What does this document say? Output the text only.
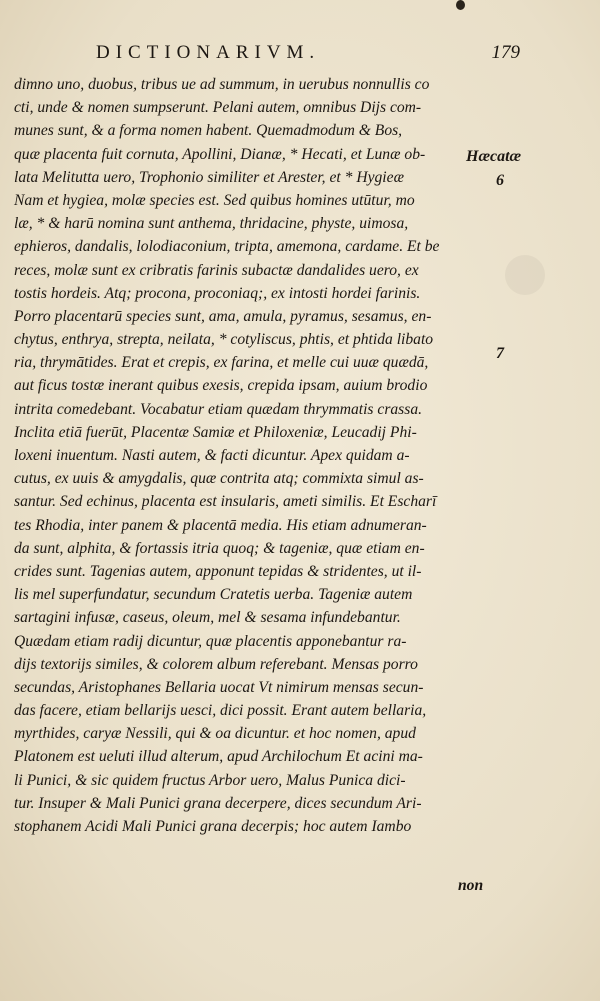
DICTIONARIVM.	179
dimno uno, duobus, tribus ue ad summum, in uerubus nonnullis co
cti, unde & nomen sumpserunt. Pelani autem, omnibus Dijs com-
munes sunt, & a forma nomen habent. Quemadmodum & Bos,
quæ placenta fuit cornuta, Apollini, Dianæ, * Hecati, et Lunæ ob-
lata Melitutta uero, Trophonio similiter et Arester, et * Hygieæ
Nam et hygiea, molæ species est. Sed quibus homines utūtur, mo
læ, * & harū nomina sunt anthema, thridacine, physte, uimosa,
ephieros, dandalis, lolodiaconium, tripta, amemona, cardame. Et be
reces, molæ sunt ex cribratis farinis subactæ dandalides uero, ex
tostis hordeis. Atq; procona, proconiaq;, ex intosti hordei farinis.
Porro placentarū species sunt, ama, amula, pyramus, sesamus, en-
chytus, enthrya, strepta, neilata, * cotyliscus, phtis, et phtida libato
ria, thrymātides. Erat et crepis, ex farina, et melle cui uuæ quædā,
aut ficus tostæ inerant quibus exesis, crepida ipsam, auium brodio
intrita comedebant. Vocabatur etiam quædam thrymmatis crassa.
Inclita etiā fuerūt, Placentæ Samiæ et Philoxeniæ, Leucadij Phi-
loxeni inuentum. Nasti autem, & facti dicuntur. Apex quidam a-
cutus, ex uuis & amygdalis, quæ contrita atq; commixta simul as-
santur. Sed echinus, placenta est insularis, ameti similis. Et Escharī
tes Rhodia, inter panem & placentā media. His etiam adnumeran-
da sunt, alphita, & fortassis itria quoq; & tageniæ, quæ etiam en-
crides sunt. Tagenias autem, apponunt tepidas & stridentes, ut il-
lis mel superfundatur, secundum Cratetis uerba. Tageniæ autem
sartagini infusæ, caseus, oleum, mel & sesama infundebantur.
Quædam etiam radij dicuntur, quæ placentis apponebantur ra-
dijs textorijs similes, & colorem album referebant. Mensas porro
secundas, Aristophanes Bellaria uocat Vt nimirum mensas secun-
das facere, etiam bellarijs uesci, dici possit. Erant autem bellaria,
myrthides, caryæ Nessili, qui & oa dicuntur. et hoc nomen, apud
Platonem est ueluti illud alterum, apud Archilochum Et acini ma-
li Punici, & sic quidem fructus Arbor uero, Malus Punica dici-
tur. Insuper & Mali Punici grana decerpere, dices secundum Ari-
stophanem Acidi Mali Punici grana decerpis; hoc autem Iambo
Hæcatæ
6
7
non
